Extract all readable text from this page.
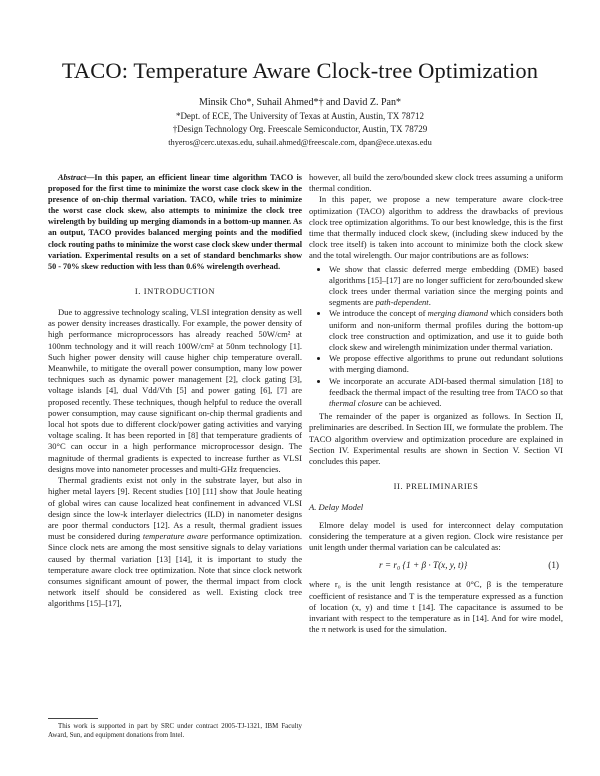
TACO: Temperature Aware Clock-tree Optimization
Minsik Cho*, Suhail Ahmed*† and David Z. Pan*
*Dept. of ECE, The University of Texas at Austin, Austin, TX 78712
†Design Technology Org. Freescale Semiconductor, Austin, TX 78729
thyeros@cerc.utexas.edu, suhail.ahmed@freescale.com, dpan@ece.utexas.edu

Abstract—In this paper, an efficient linear time algorithm TACO is proposed for the first time to minimize the worst case clock skew in the presence of on-chip thermal variation. TACO, while tries to minimize the worst case clock skew, also attempts to minimize the clock tree wirelength by building up merging diamonds in a bottom-up manner. As an output, TACO provides balanced merging points and the modified clock routing paths to minimize the worst case clock skew under thermal variation. Experimental results on a set of standard benchmarks show 50 - 70% skew reduction with less than 0.6% wirelength overhead.

I. INTRODUCTION

Due to aggressive technology scaling, VLSI integration density as well as power density increases drastically. For example, the power density of high performance microprocessors has already reached 50W/cm² at 100nm technology and it will reach 100W/cm² at 50nm technology [1]. Such higher power density will cause higher chip temperature overall. Meanwhile, to mitigate the overall power consumption, many low power techniques such as dynamic power management [2], clock gating [3], voltage islands [4], dual Vdd/Vth [5] and power gating [6], [7] are proposed recently. These techniques, though helpful to reduce the overall power consumption, may cause significant on-chip thermal gradients and local hot spots due to different clock/power gating activities and varying voltage scaling. It has been reported in [8] that temperature gradients of 30°C can occur in a high performance microprocessor design. The magnitude of thermal gradients is expected to increase further as VLSI designs move into nanometer processes and multi-GHz frequencies.

Thermal gradients exist not only in the substrate layer, but also in higher metal layers [9]. Recent studies [10] [11] show that Joule heating of global wires can cause localized heat confinement in advanced VLSI design since the low-k interlayer dielectrics (ILD) in nanometer designs are poor thermal conductors [12]. As a result, thermal gradient issues must be considered during temperature aware performance optimization. Since clock nets are among the most sensitive signals to delay variations caused by thermal variation [13] [14], it is important to study the temperature aware clock tree optimization. Note that since clock network consumes significant amount of power, the thermal impact from clock network itself should be considered as well. Existing clock tree algorithms [15]–[17],

however, all build the zero/bounded skew clock trees assuming a uniform thermal condition.

In this paper, we propose a new temperature aware clock-tree optimization (TACO) algorithm to address the drawbacks of previous clock tree optimization algorithms. To our best knowledge, this is the first time that thermally induced clock skew, (including skew induced by the clock tree itself) is taken into account to minimize both the clock skew and the total wirelength. Our major contributions are as follows:

• We show that classic deferred merge embedding (DME) based algorithms [15]–[17] are no longer sufficient for zero/bounded skew clock trees under thermal variation since the merging points and segments are path-dependent.
• We introduce the concept of merging diamond which considers both uniform and non-uniform thermal profiles during the bottom-up clock tree construction and optimization, and use it to guide both clock skew and wirelength minimization under thermal variation.
• We propose effective algorithms to prune out redundant solutions with merging diamond.
• We incorporate an accurate ADI-based thermal simulation [18] to feedback the thermal impact of the resulting tree from TACO so that thermal closure can be achieved.

The remainder of the paper is organized as follows. In Section II, preliminaries are described. In Section III, we formulate the problem. The TACO algorithm overview and optimization procedure are explained in Section IV. Experimental results are shown in Section V. Section VI concludes this paper.

II. PRELIMINARIES
A. Delay Model

Elmore delay model is used for interconnect delay computation considering the temperature at a given region. Clock wire resistance per unit length under thermal variation can be calculated as:

r = r₀ {1 + β · T(x, y, t)}	(1)

where r₀ is the unit length resistance at 0°C, β is the temperature coefficient of resistance and T is the temperature expressed as a function of location (x, y) and time t [14]. The capacitance is assumed to be invariant with respect to the temperature as in [14]. And for wire model, the π network is used for the simulation.

This work is supported in part by SRC under contract 2005-TJ-1321, IBM Faculty Award, Sun, and equipment donations from Intel.
